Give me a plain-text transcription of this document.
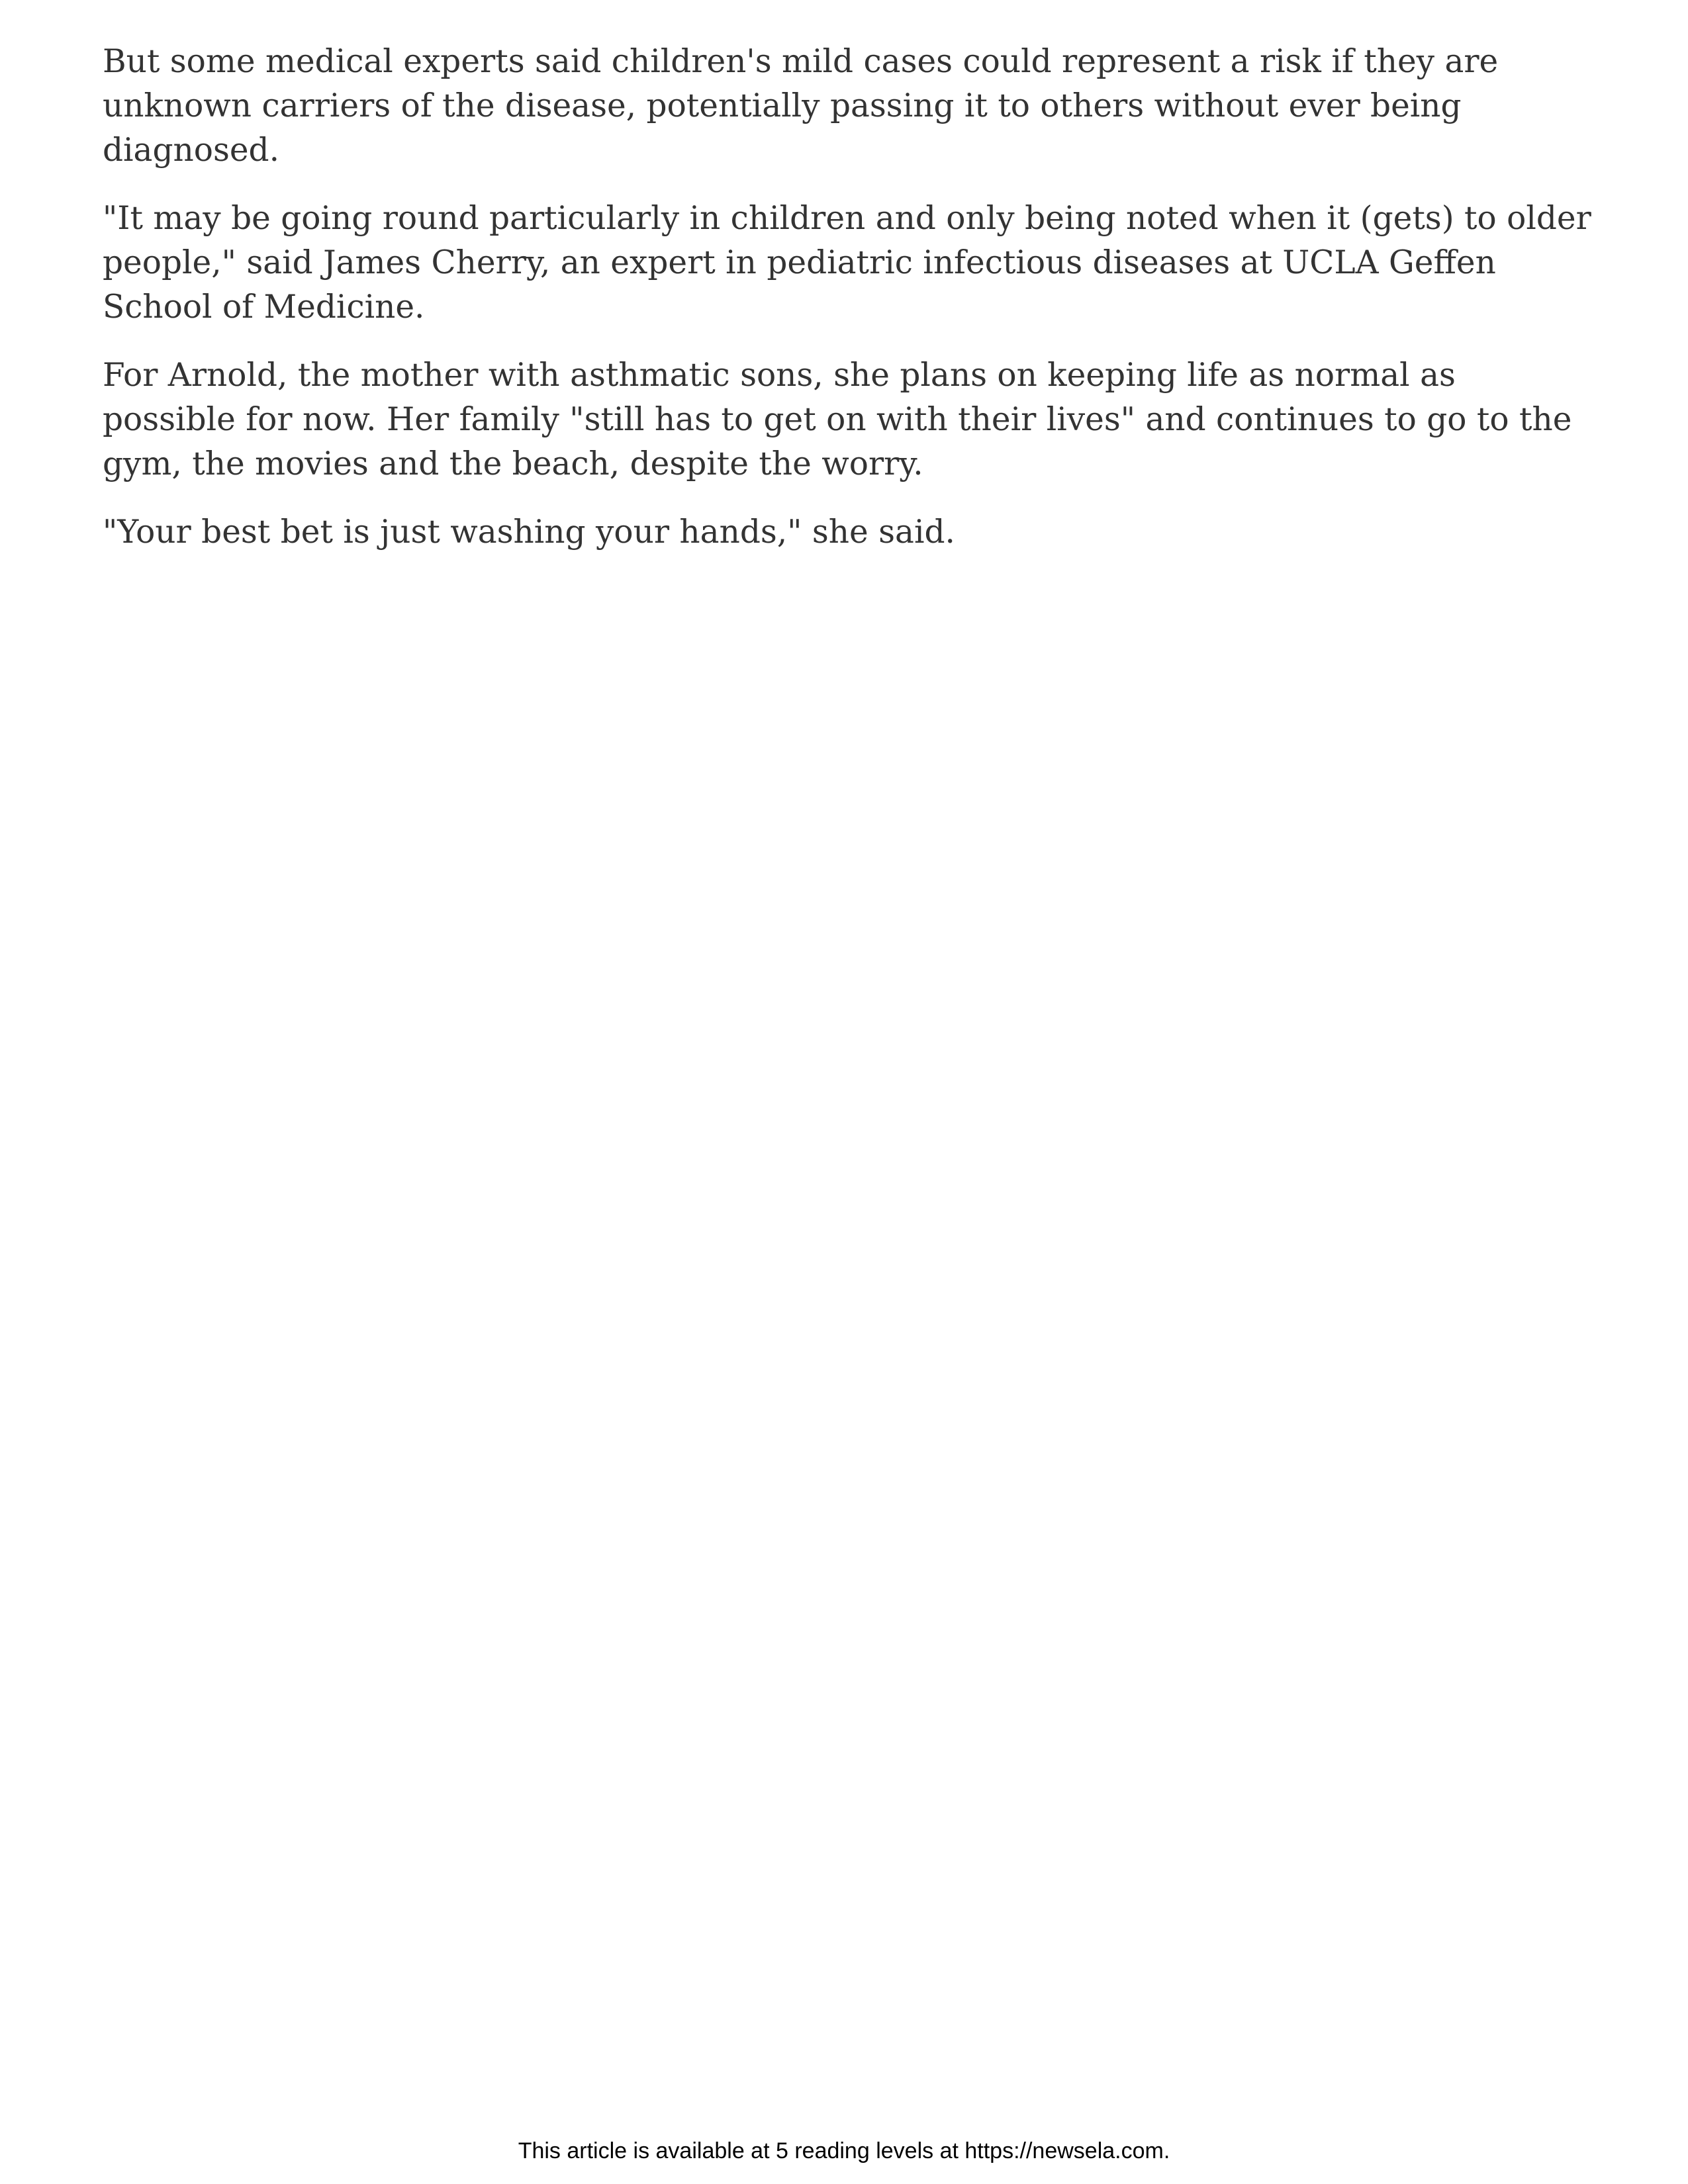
But some medical experts said children's mild cases could represent a risk if they are unknown carriers of the disease, potentially passing it to others without ever being diagnosed.

"It may be going round particularly in children and only being noted when it (gets) to older people," said James Cherry, an expert in pediatric infectious diseases at UCLA Geffen School of Medicine.

For Arnold, the mother with asthmatic sons, she plans on keeping life as normal as possible for now. Her family "still has to get on with their lives" and continues to go to the gym, the movies and the beach, despite the worry.

"Your best bet is just washing your hands," she said.

This article is available at 5 reading levels at https://newsela.com.
